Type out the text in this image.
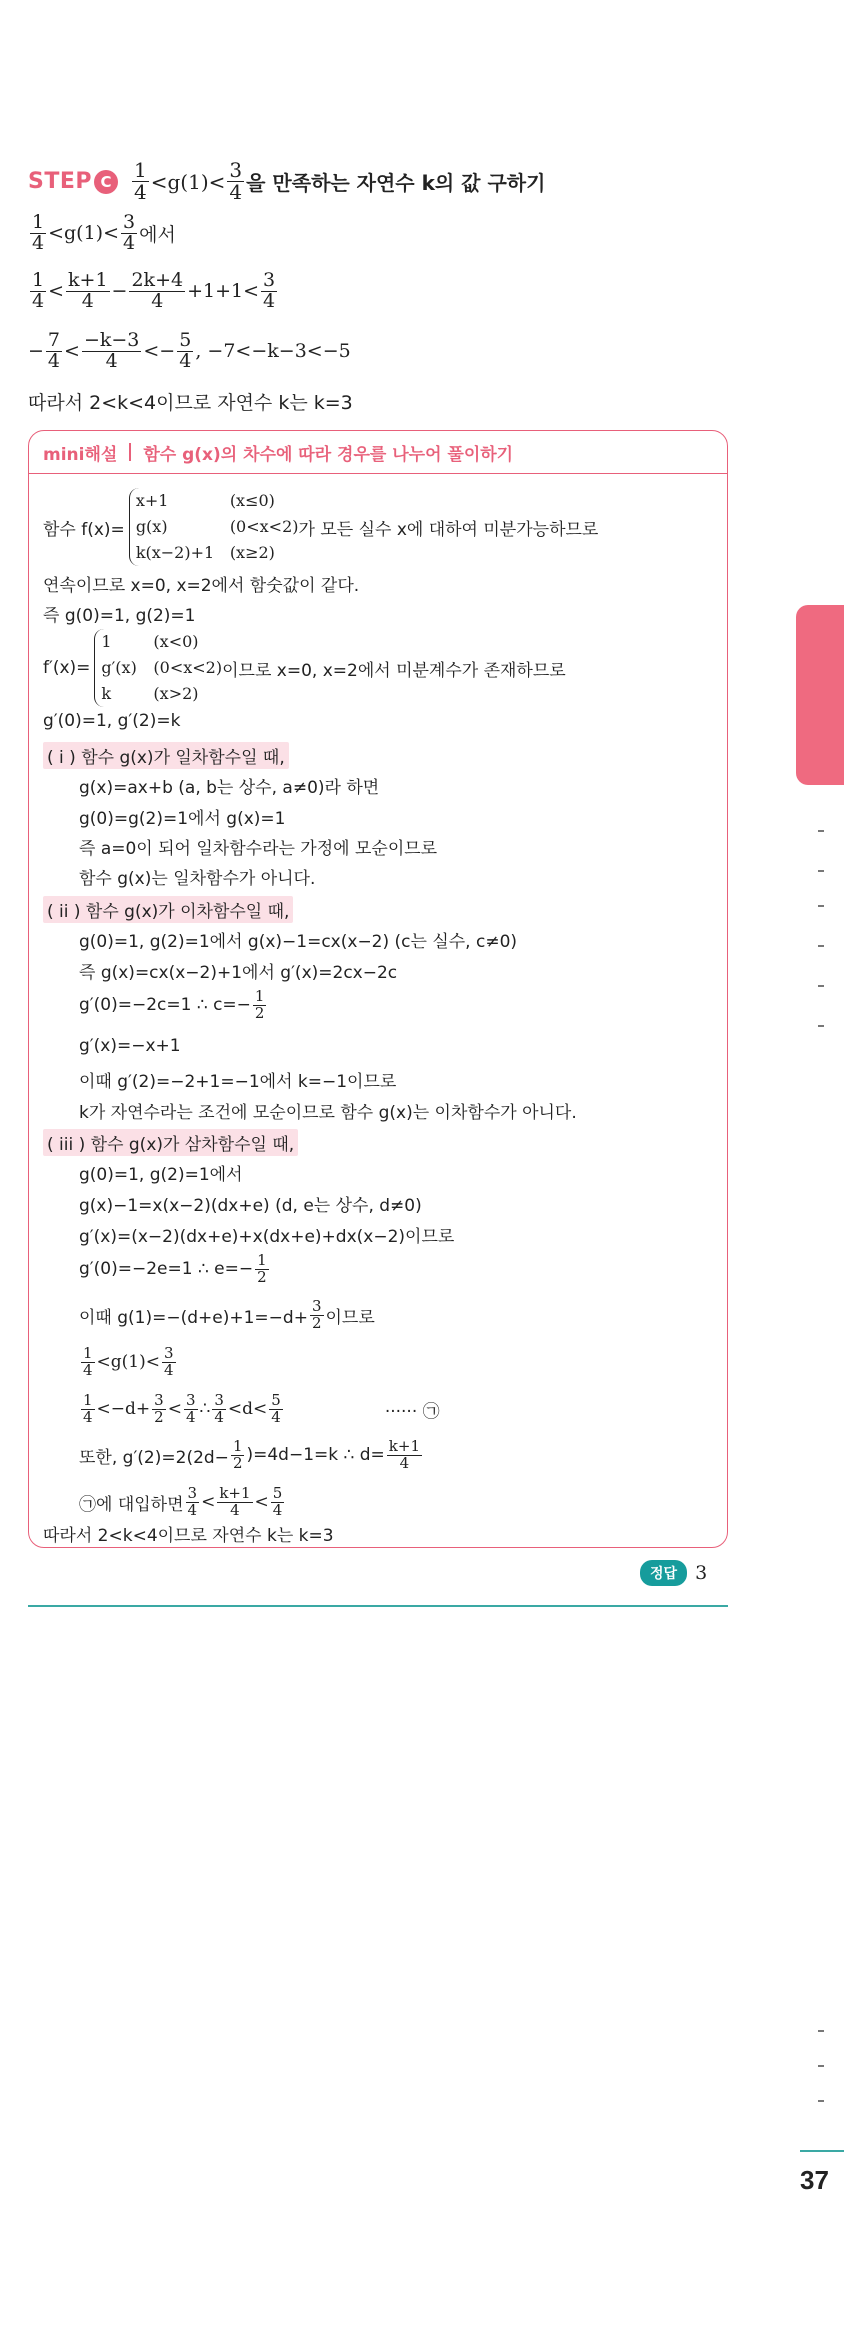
STEP C	$\frac{1}{4} <g(1)< \frac{3}{4}$ 을 만족하는 자연수 k의 값 구하기
$\frac{1}{4} <g(1)< \frac{3}{4}$ 에서
$\frac{1}{4} < \frac{k+1}{4} - \frac{2k+4}{4} +1+1< \frac{3}{4}$
− $\frac{7}{4} < \frac{-k-3}{4} <- \frac{5}{4}$ , −7<−k−3<−5
따라서 2<k<4이므로 자연수 k는 k=3
mini해설 함수 g(x)의 차수에 따라 경우를 나누어 풀이하기
함수 f(x)=
x+1	(x≤0)
g(x)	(0<x<2)
k(x−2)+1 (x≥2)
가 모든 실수 x에 대하여 미분가능하므로
연속이므로 x=0, x=2에서 함숫값이 같다.
즉 g(0)=1, g(2)=1
f′(x)=
1	(x<0)
g′(x)	(0<x<2)
k	(x>2)
이므로 x=0, x=2에서 미분계수가 존재하므로
g′(0)=1, g′(2)=k
( i ) 함수 g(x)가 일차함수일 때,
g(x)=ax+b (a, b는 상수, a≠0)라 하면
g(0)=g(2)=1에서 g(x)=1
즉 a=0이 되어 일차함수라는 가정에 모순이므로
함수 g(x)는 일차함수가 아니다.
( ii ) 함수 g(x)가 이차함수일 때,
g(0)=1, g(2)=1에서 g(x)−1=cx(x−2) (c는 실수, c≠0)
즉 g(x)=cx(x−2)+1에서 g′(x)=2cx−2c
g′(0)=−2c=1 ∴ $c=- \frac{1}{2}$
g′(x)=−x+1
이때 g′(2)=−2+1=−1에서 k=−1이므로
k가 자연수라는 조건에 모순이므로 함수 g(x)는 이차함수가 아니다.
( iii ) 함수 g(x)가 삼차함수일 때,
g(0)=1, g(2)=1에서
g(x)−1=x(x−2)(dx+e) (d, e는 상수, d≠0)
g′(x)=(x−2)(dx+e)+x(dx+e)+dx(x−2)이므로
g′(0)=−2e=1 ∴ $e=- \frac{1}{2}$
이때 $g(1)=-(d+e)+1=-d+ \frac{3}{2}$ 이므로
$\frac{1}{4} <g(1)< \frac{3}{4}$
$\frac{1}{4} <-d+ \frac{3}{2} < \frac{3}{4}$ ∴ $\frac{3}{4} <d< \frac{5}{4}$	······ ㉠
또한, $g'(2)=2(2d- \frac{1}{2} )=4d-1=k$ ∴ $d= \frac{k+1}{4}$
㉠에 대입하면 $\frac{3}{4} < \frac{k+1}{4} < \frac{5}{4}$
따라서 2<k<4이므로 자연수 k는 k=3
정답 3
37
